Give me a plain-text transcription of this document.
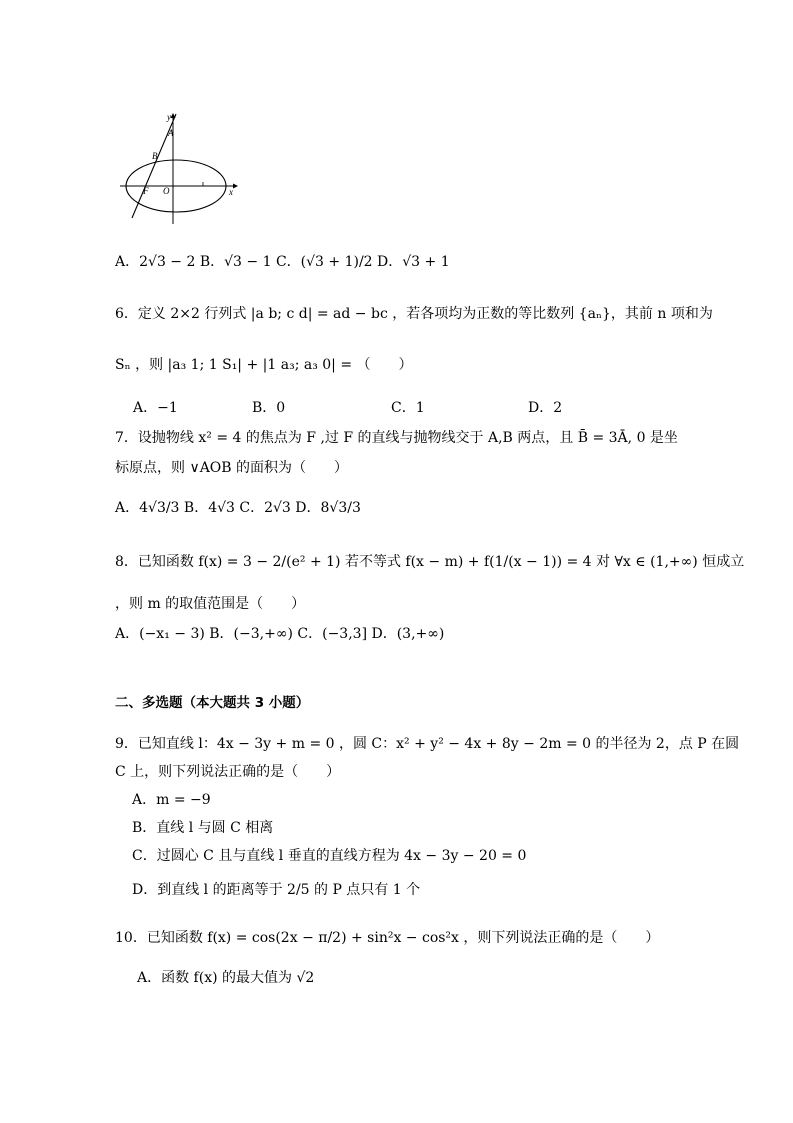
y
x
A
B
F O
A．2√3 − 2 B．√3 − 1 C．(√3 + 1)/2 D．√3 + 1
6．定义 2×2 行列式 |a b; c d| = ad − bc ，若各项均为正数的等比数列 {aₙ}，其前 n 项和为
Sₙ ，则 |a₃ 1; 1 S₁| + |1 a₃; a₃ 0| = （　　）
A．−1	B．0	C．1	D．2
7．设抛物线 x² = 4 的焦点为 F ,过 F 的直线与抛物线交于 A,B 两点，且 B̄ = 3Ā, 0 是坐
标原点，则 ∨AOB 的面积为（　　）
A．4√3/3 B．4√3 C．2√3 D．8√3/3
8．已知函数 f(x) = 3 − 2/(e² + 1) 若不等式 f(x − m) + f(1/(x − 1)) = 4 对 ∀x ∈ (1,+∞) 恒成立
，则 m 的取值范围是（　　）
A．(−x₁ − 3) B．(−3,+∞) C．(−3,3] D．(3,+∞)
二、多选题（本大题共 3 小题）
9．已知直线 l：4x − 3y + m = 0 ，圆 C：x² + y² − 4x + 8y − 2m = 0 的半径为 2，点 P 在圆
C 上，则下列说法正确的是（　　）
A．m = −9
B．直线 l 与圆 C 相离
C．过圆心 C 且与直线 l 垂直的直线方程为 4x − 3y − 20 = 0
D．到直线 l 的距离等于 2/5 的 P 点只有 1 个
10．已知函数 f(x) = cos(2x − π/2) + sin²x − cos²x ，则下列说法正确的是（　　）
A．函数 f(x) 的最大值为 √2
